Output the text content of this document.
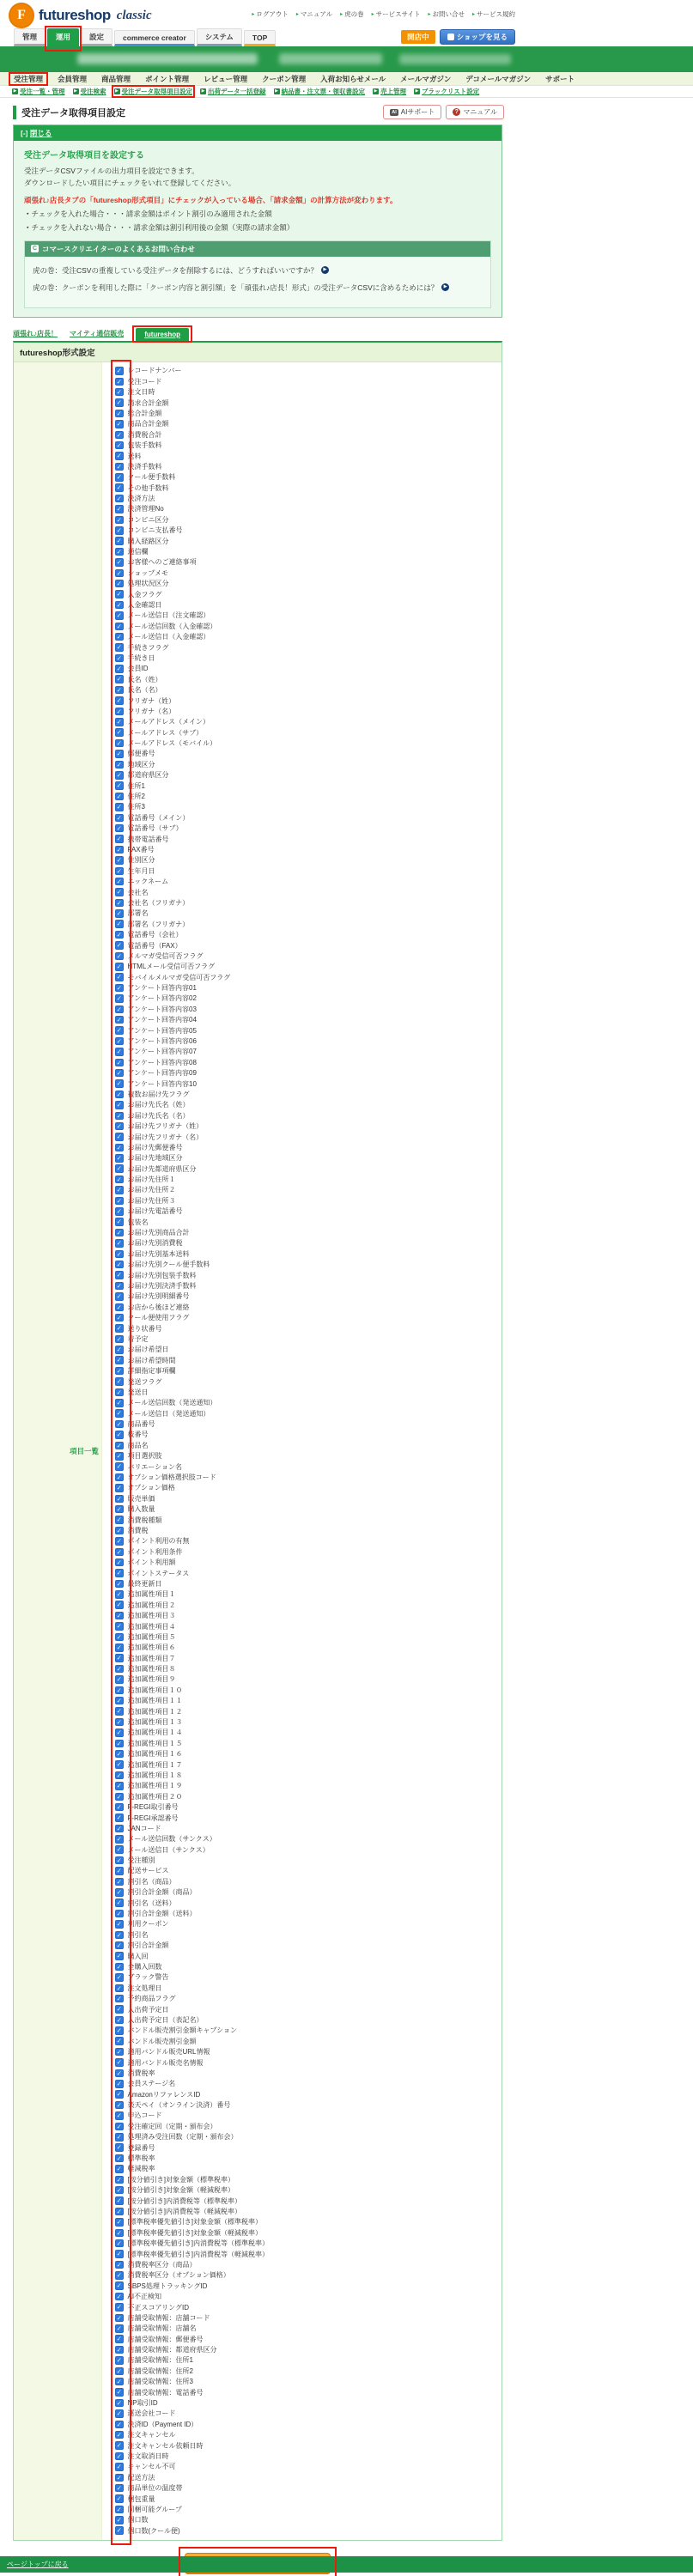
F futureshop classic	▸ ログアウト ▸ マニュアル ▸ 虎の巻 ▸ サービスサイト ▸ お問い合せ ▸ サービス規約
管理	運用	設定	commerce creator	システム	TOP	開店中	ショップを見る
受注管理 会員管理 商品管理 ポイント管理 レビュー管理 クーポン管理 入荷お知らせメール メールマガジン デコメールマガジン サポート
▶ 受注一覧・管理	▶ 受注検索	▶ 受注データ取得項目設定	▶ 出荷データ一括登録	▶ 納品書・注文票・領収書設定	▶ 売上管理	▶ ブラックリスト設定
受注データ取得項目設定	AI AIサポート	? マニュアル
[-] 閉じる
受注データ取得項目を設定する
受注データCSVファイルの出力項目を設定できます。
ダウンロードしたい項目にチェックをいれて登録してください。
頑張れ♪店長タブの「futureshop形式項目」にチェックが入っている場合、「請求金額」の計算方法が変わります。
・ チェックを入れた場合・・・請求金額はポイント割引のみ適用された金額
・ チェックを入れない場合・・・請求金額は割引利用後の金額（実際の請求金額）
C コマースクリエイターのよくあるお問い合わせ
虎の巻：受注CSVの重複している受注データを削除するには、どうすればいいですか？	▶
虎の巻：クーポンを利用した際に「クーポン内容と割引額」を「頑張れ♪店長！形式」の受注データCSVに含めるためには？	▶
頑張れ♪店長！ マイティ通信販売	futureshop
futureshop形式設定
項目一覧
✓ レコードナンバー
✓ 受注コード
✓ 注文日時
✓ 請求合計金額
✓ 総合計金額
✓ 商品合計金額
✓ 消費税合計
✓ 包装手数料
✓ 送料
✓ 決済手数料
✓ クール便手数料
✓ その他手数料
✓ 決済方法
✓ 決済管理No
✓ コンビニ区分
✓ コンビニ支払番号
✓ 購入経路区分
✓ 通信欄
✓ お客様へのご連絡事項
✓ ショップメモ
✓ 処理状況区分
✓ 入金フラグ
✓ 入金確認日
✓ メール送信日（注文確認）
✓ メール送信回数（入金確認）
✓ メール送信日（入金確認）
✓ 手続きフラグ
✓ 手続き日
✓ 会員ID
✓ 氏名（姓）
✓ 氏名（名）
✓ フリガナ（姓）
✓ フリガナ（名）
✓ メールアドレス（メイン）
✓ メールアドレス（サブ）
✓ メールアドレス（モバイル）
✓ 郵便番号
✓ 地域区分
✓ 都道府県区分
✓ 住所1
✓ 住所2
✓ 住所3
✓ 電話番号（メイン）
✓ 電話番号（サブ）
✓ 携帯電話番号
✓ FAX番号
✓ 性別区分
✓ 生年月日
✓ ニックネーム
✓ 会社名
✓ 会社名（フリガナ）
✓ 部署名
✓ 部署名（フリガナ）
✓ 電話番号（会社）
✓ 電話番号（FAX）
✓ メルマガ受信可否フラグ
✓ HTMLメール受信可否フラグ
✓ モバイルメルマガ受信可否フラグ
✓ アンケート回答内容01
✓ アンケート回答内容02
✓ アンケート回答内容03
✓ アンケート回答内容04
✓ アンケート回答内容05
✓ アンケート回答内容06
✓ アンケート回答内容07
✓ アンケート回答内容08
✓ アンケート回答内容09
✓ アンケート回答内容10
✓ 複数お届け先フラグ
✓ お届け先氏名（姓）
✓ お届け先氏名（名）
✓ お届け先フリガナ（姓）
✓ お届け先フリガナ（名）
✓ お届け先郵便番号
✓ お届け先地域区分
✓ お届け先都道府県区分
✓ お届け先住所１
✓ お届け先住所２
✓ お届け先住所３
✓ お届け先電話番号
✓ 包装名
✓ お届け先別商品合計
✓ お届け先別消費税
✓ お届け先別基本送料
✓ お届け先別クール便手数料
✓ お届け先別包装手数料
✓ お届け先別決済手数料
✓ お届け先別明細番号
✓ お店から後ほど連絡
✓ クール便使用フラグ
✓ 送り状番号
✓ 着予定
✓ お届け希望日
✓ お届け希望時間
✓ 詳細指定事項欄
✓ 発送フラグ
✓ 発送日
✓ メール送信回数（発送通知）
✓ メール送信日（発送通知）
✓ 商品番号
✓ 枝番号
✓ 商品名
✓ 項目選択肢
✓ バリエーション名
✓ オプション価格選択肢コード
✓ オプション価格
✓ 販売単価
✓ 購入数量
✓ 消費税種類
✓ 消費税
✓ ポイント利用の有無
✓ ポイント利用条件
✓ ポイント利用額
✓ ポイントステータス
✓ 最終更新日
✓ 追加属性項目１
✓ 追加属性項目２
✓ 追加属性項目３
✓ 追加属性項目４
✓ 追加属性項目５
✓ 追加属性項目６
✓ 追加属性項目７
✓ 追加属性項目８
✓ 追加属性項目９
✓ 追加属性項目１０
✓ 追加属性項目１１
✓ 追加属性項目１２
✓ 追加属性項目１３
✓ 追加属性項目１４
✓ 追加属性項目１５
✓ 追加属性項目１６
✓ 追加属性項目１７
✓ 追加属性項目１８
✓ 追加属性項目１９
✓ 追加属性項目２０
✓ F-REGI取引番号
✓ F-REGI承認番号
✓ JANコード
✓ メール送信回数（サンクス）
✓ メール送信日（サンクス）
✓ 受注種別
✓ 配送サービス
✓ 割引名（商品）
✓ 割引合計金額（商品）
✓ 割引名（送料）
✓ 割引合計金額（送料）
✓ 利用クーポン
✓ 割引名
✓ 割引合計金額
✓ 購入回
✓ 全購入回数
✓ ブラック警告
✓ 注文処理日
✓ 予約商品フラグ
✓ 入出荷予定日
✓ 入出荷予定日（表記名）
✓ バンドル販売割引金額キャプション
✓ バンドル販売割引金額
✓ 適用バンドル販売URL情報
✓ 適用バンドル販売名情報
✓ 消費税率
✓ 会員ステージ名
✓ AmazonリファレンスID
✓ 楽天ペイ（オンライン決済）番号
✓ 申込コード
✓ 受注確定回（定期・頒布会）
✓ 処理済み受注回数（定期・頒布会）
✓ 登録番号
✓ 標準税率
✓ 軽減税率
✓ [按分値引き]対象金額（標準税率）
✓ [按分値引き]対象金額（軽減税率）
✓ [按分値引き]内消費税等（標準税率）
✓ [按分値引き]内消費税等（軽減税率）
✓ [標準税率優先値引き]対象金額（標準税率）
✓ [標準税率優先値引き]対象金額（軽減税率）
✓ [標準税率優先値引き]内消費税等（標準税率）
✓ [標準税率優先値引き]内消費税等（軽減税率）
✓ 消費税率区分（商品）
✓ 消費税率区分（オプション価格）
✓ SBPS処理トラッキングID
✓ AI不正検知
✓ 不正スコアリングID
✓ 店舗受取情報：店舗コード
✓ 店舗受取情報：店舗名
✓ 店舗受取情報：郵便番号
✓ 店舗受取情報：都道府県区分
✓ 店舗受取情報：住所1
✓ 店舗受取情報：住所2
✓ 店舗受取情報：住所3
✓ 店舗受取情報：電話番号
✓ NP取引ID
✓ 運送会社コード
✓ 決済ID（Payment ID）
✓ 注文キャンセル
✓ 注文キャンセル依頼日時
✓ 注文取消日時
✓ キャンセル不可
✓ 配送方法
✓ 商品単位の温度帯
✓ 梱包重量
✓ 同梱可能グループ
✓ 個口数
✓ 個口数(クール便)
ページトップに戻る
